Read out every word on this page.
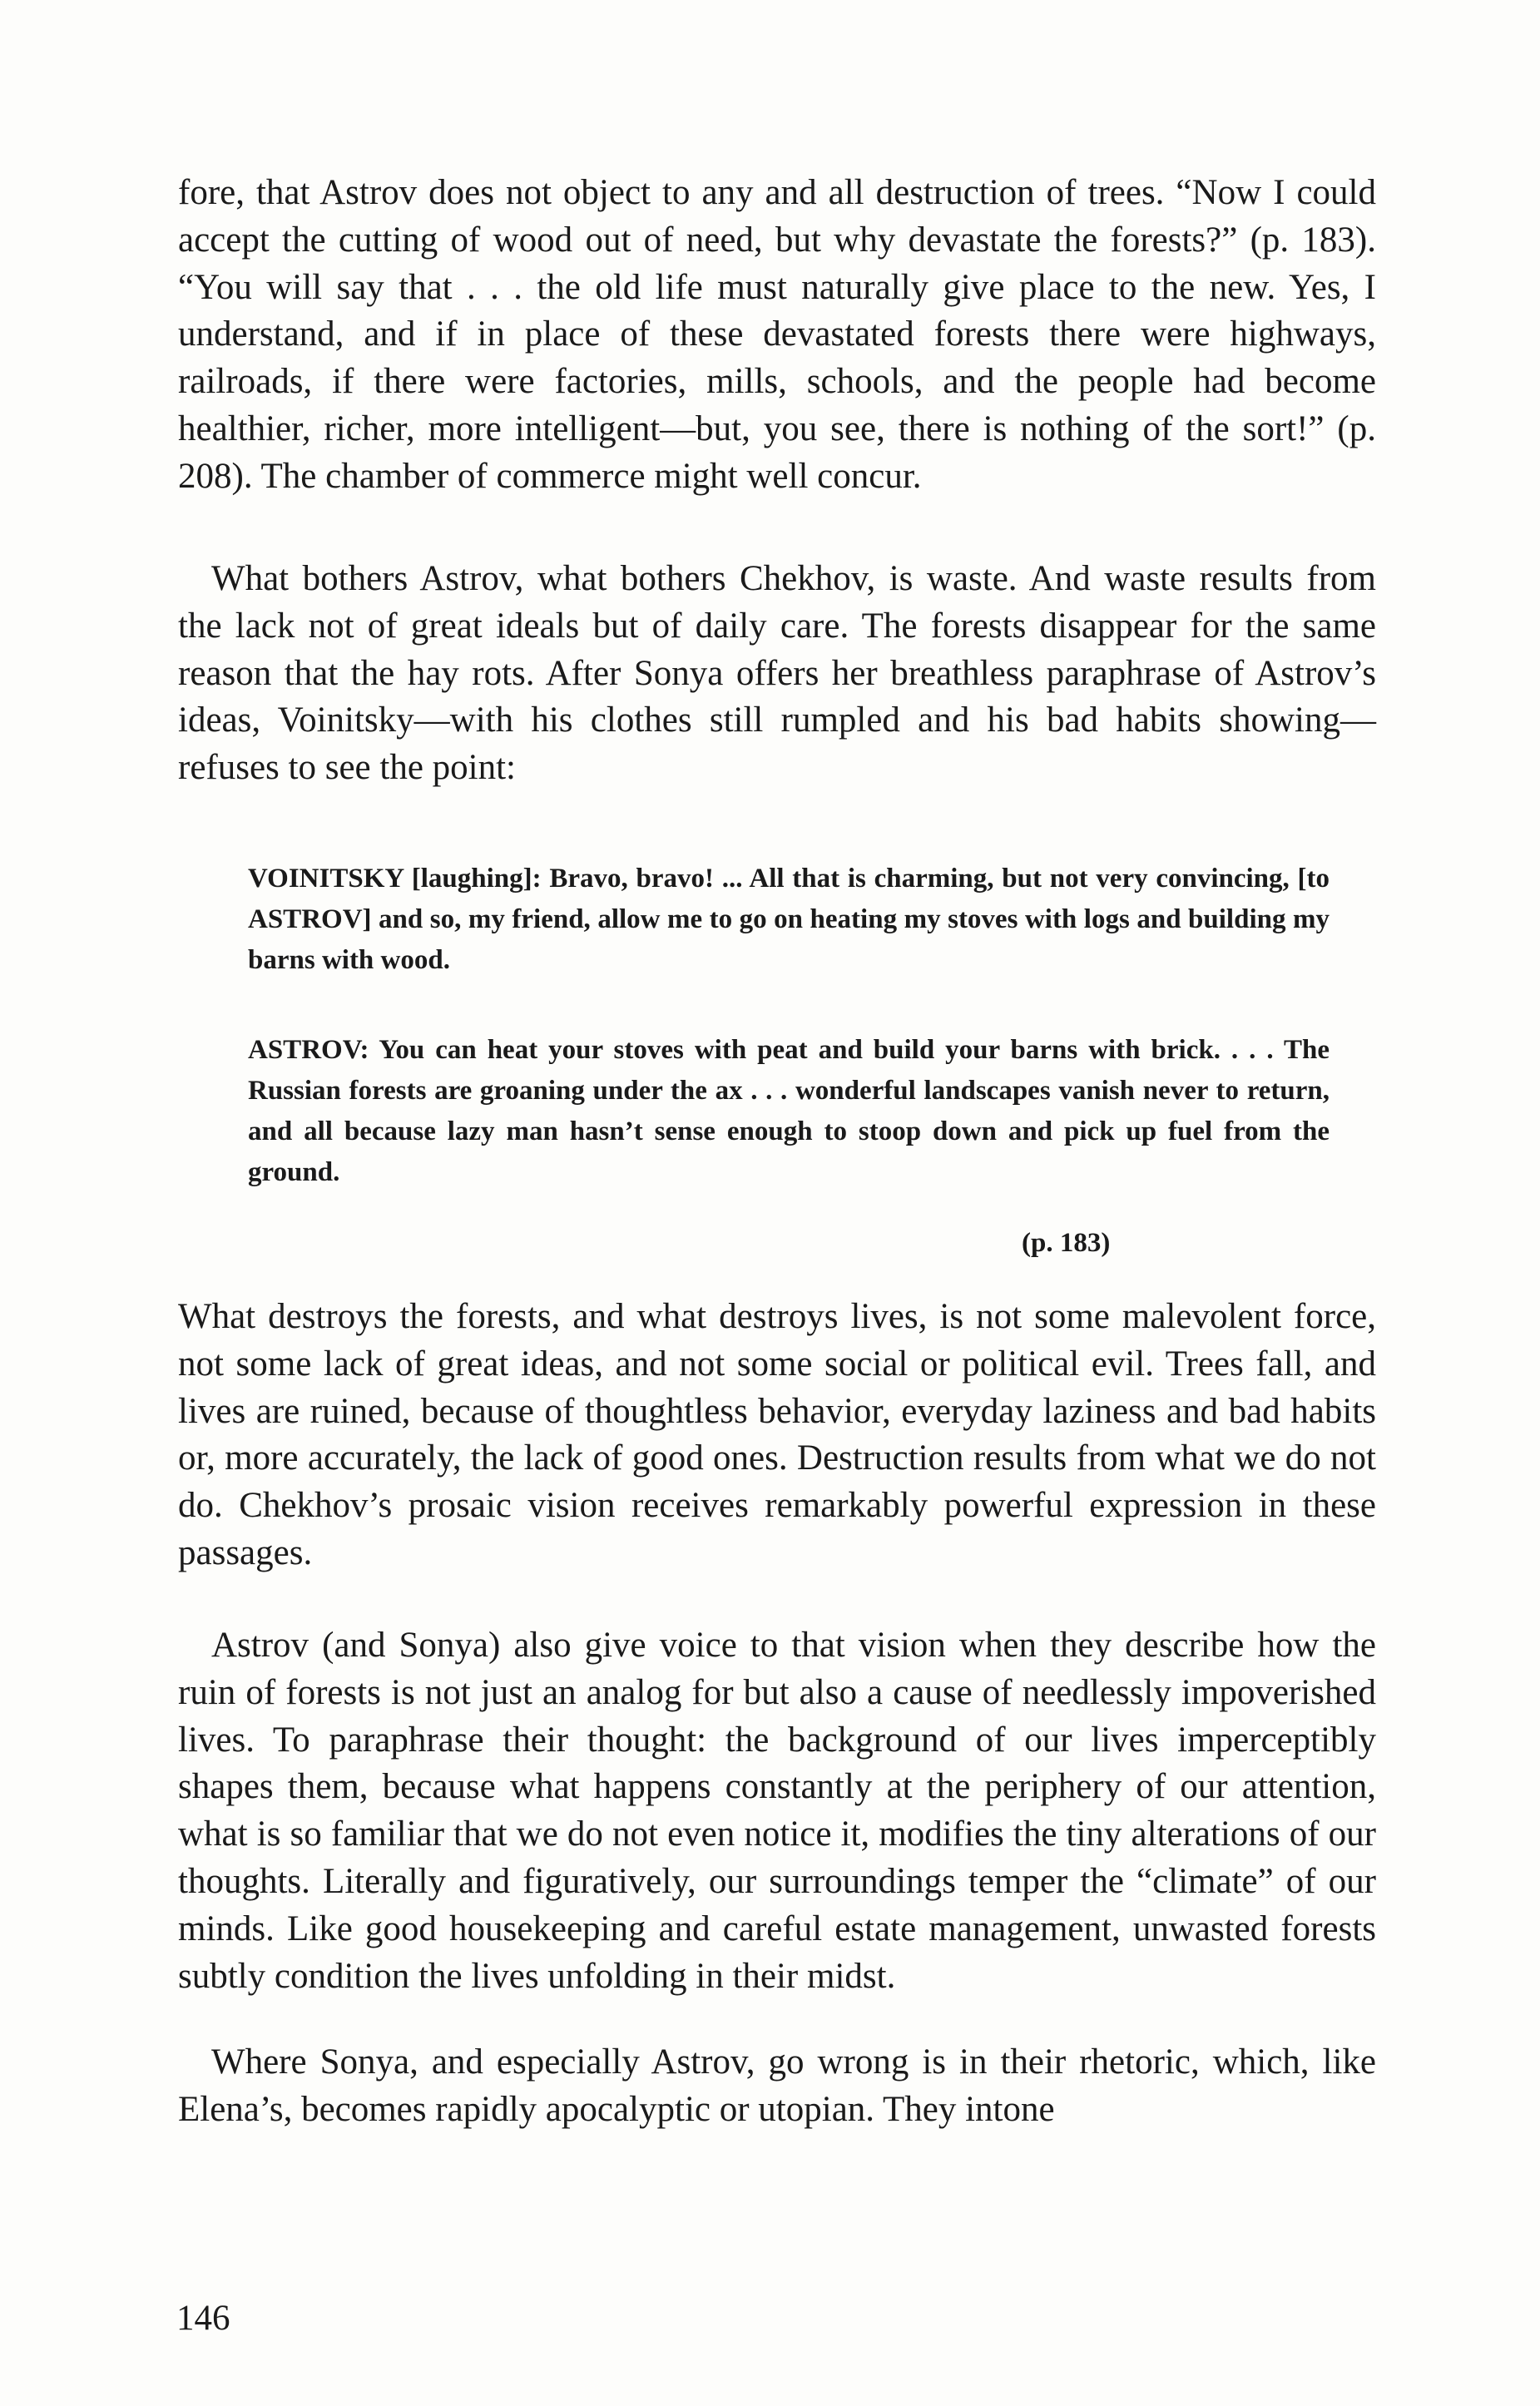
fore, that Astrov does not object to any and all destruction of trees. “Now I could accept the cutting of wood out of need, but why devastate the forests?” (p. 183). “You will say that . . . the old life must naturally give place to the new. Yes, I understand, and if in place of these devastated forests there were highways, railroads, if there were factories, mills, schools, and the people had become healthier, richer, more intelligent—but, you see, there is nothing of the sort!” (p. 208). The chamber of commerce might well concur.

What bothers Astrov, what bothers Chekhov, is waste. And waste results from the lack not of great ideals but of daily care. The forests disappear for the same reason that the hay rots. After Sonya offers her breathless paraphrase of Astrov’s ideas, Voinitsky—with his clothes still rumpled and his bad habits showing—refuses to see the point:

VOINITSKY [laughing]: Bravo, bravo! ... All that is charming, but not very convincing, [to ASTROV] and so, my friend, allow me to go on heating my stoves with logs and building my barns with wood.
ASTROV: You can heat your stoves with peat and build your barns with brick. . . . The Russian forests are groaning under the ax . . . wonderful landscapes vanish never to return, and all because lazy man hasn’t sense enough to stoop down and pick up fuel from the ground.
(p. 183)

What destroys the forests, and what destroys lives, is not some malevolent force, not some lack of great ideas, and not some social or political evil. Trees fall, and lives are ruined, because of thoughtless behavior, everyday laziness and bad habits or, more accurately, the lack of good ones. Destruction results from what we do not do. Chekhov’s prosaic vision receives remarkably powerful expression in these passages.

Astrov (and Sonya) also give voice to that vision when they describe how the ruin of forests is not just an analog for but also a cause of needlessly impoverished lives. To paraphrase their thought: the background of our lives imperceptibly shapes them, because what happens constantly at the periphery of our attention, what is so familiar that we do not even notice it, modifies the tiny alterations of our thoughts. Literally and figuratively, our surroundings temper the “climate” of our minds. Like good housekeeping and careful estate management, unwasted forests subtly condition the lives unfolding in their midst.

Where Sonya, and especially Astrov, go wrong is in their rhetoric, which, like Elena’s, becomes rapidly apocalyptic or utopian. They intone

146
